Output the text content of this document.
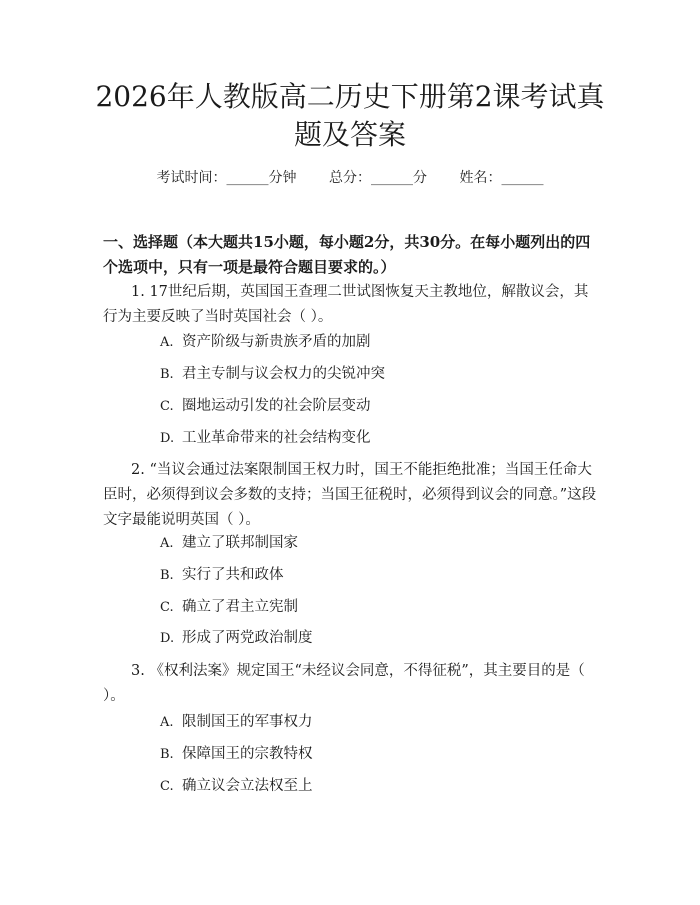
2026年人教版高二历史下册第2课考试真题及答案
考试时间：______分钟 总分：______分 姓名：______

一、选择题（本大题共15小题，每小题2分，共30分。在每小题列出的四个选项中，只有一项是最符合题目要求的。）

1. 17世纪后期，英国国王查理二世试图恢复天主教地位，解散议会，其行为主要反映了当时英国社会（ ）。

A. 资产阶级与新贵族矛盾的加剧

B. 君主专制与议会权力的尖锐冲突

C. 圈地运动引发的社会阶层变动

D. 工业革命带来的社会结构变化

2. “当议会通过法案限制国王权力时，国王不能拒绝批准；当国王任命大臣时，必须得到议会多数的支持；当国王征税时，必须得到议会的同意。”这段文字最能说明英国（ ）。

A. 建立了联邦制国家

B. 实行了共和政体

C. 确立了君主立宪制

D. 形成了两党政治制度

3. 《权利法案》规定国王“未经议会同意，不得征税”，其主要目的是（ ）。

A. 限制国王的军事权力

B. 保障国王的宗教特权

C. 确立议会立法权至上
